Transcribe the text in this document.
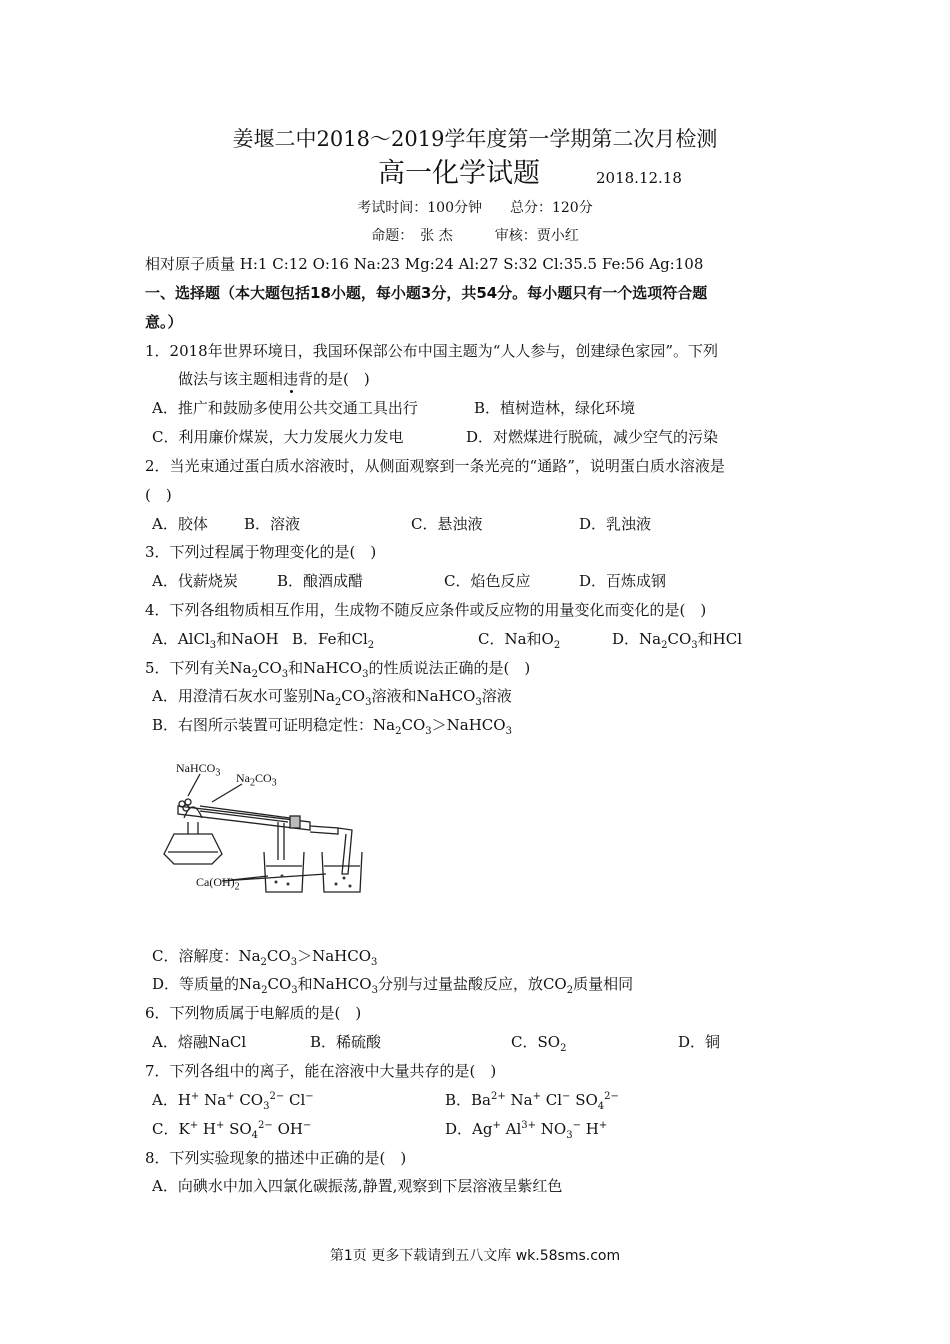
姜堰二中2018～2019学年度第一学期第二次月检测
高一化学试题	2018.12.18
考试时间：100分钟　　总分：120分
命题：　张 杰　　　审核：贾小红
相对原子质量 H:1 C:12 O:16 Na:23 Mg:24 Al:27 S:32 Cl:35.5 Fe:56 Ag:108
一、选择题（本大题包括18小题，每小题3分，共54分。每小题只有一个选项符合题
意。）
1．2018年世界环境日，我国环保部公布中国主题为“人人参与，创建绿色家园”。下列
做法与该主题相违背的是(　)
A．推广和鼓励多使用公共交通工具出行	B．植树造林，绿化环境
C．利用廉价煤炭，大力发展火力发电	D．对燃煤进行脱硫，减少空气的污染
2．当光束通过蛋白质水溶液时，从侧面观察到一条光亮的“通路”，说明蛋白质水溶液是
(　)
A．胶体 B．溶液	C．悬浊液	D．乳浊液
3．下列过程属于物理变化的是(　)
A．伐薪烧炭	B．酿酒成醋	C．焰色反应	D．百炼成钢
4．下列各组物质相互作用，生成物不随反应条件或反应物的用量变化而变化的是(　)
A．AlCl$_3$和NaOH B．Fe和$Cl_2$	C．Na和$O_2$	D．$Na_2CO_3$和HCl
5．下列有关$Na_2CO_3$和NaHCO$_3$的性质说法正确的是(　)
A．用澄清石灰水可鉴别$Na_2CO_3$溶液和NaHCO$_3$溶液
B．右图所示装置可证明稳定性：$Na_2CO_3>NaHCO_3$
NaHCO$_3$ $Na_2CO_3$
$Ca(OH)_2$
C．溶解度：$Na_2CO_3>NaHCO_3$
D．等质量的$Na_2CO_3$和NaHCO$_3$分别与过量盐酸反应，放$CO_2$质量相同
6．下列物质属于电解质的是(　)
A．熔融NaCl	B．稀硫酸	C．$SO_2$	D．铜
7．下列各组中的离子，能在溶液中大量共存的是(　)
A．H+ Na+ $CO_3^{2-}$ Cl−	B．$Ba^{2+}$ Na+ Cl− $SO_4^{2-}$
C．K+ H+ $SO_4^{2-}$ OH−	D．Ag+ $Al^{3+}$ $NO_3^-$ H+
8．下列实验现象的描述中正确的是(　)
A．向碘水中加入四氯化碳振荡,静置,观察到下层溶液呈紫红色
第1页 更多下载请到五八文库 wk.58sms.com
